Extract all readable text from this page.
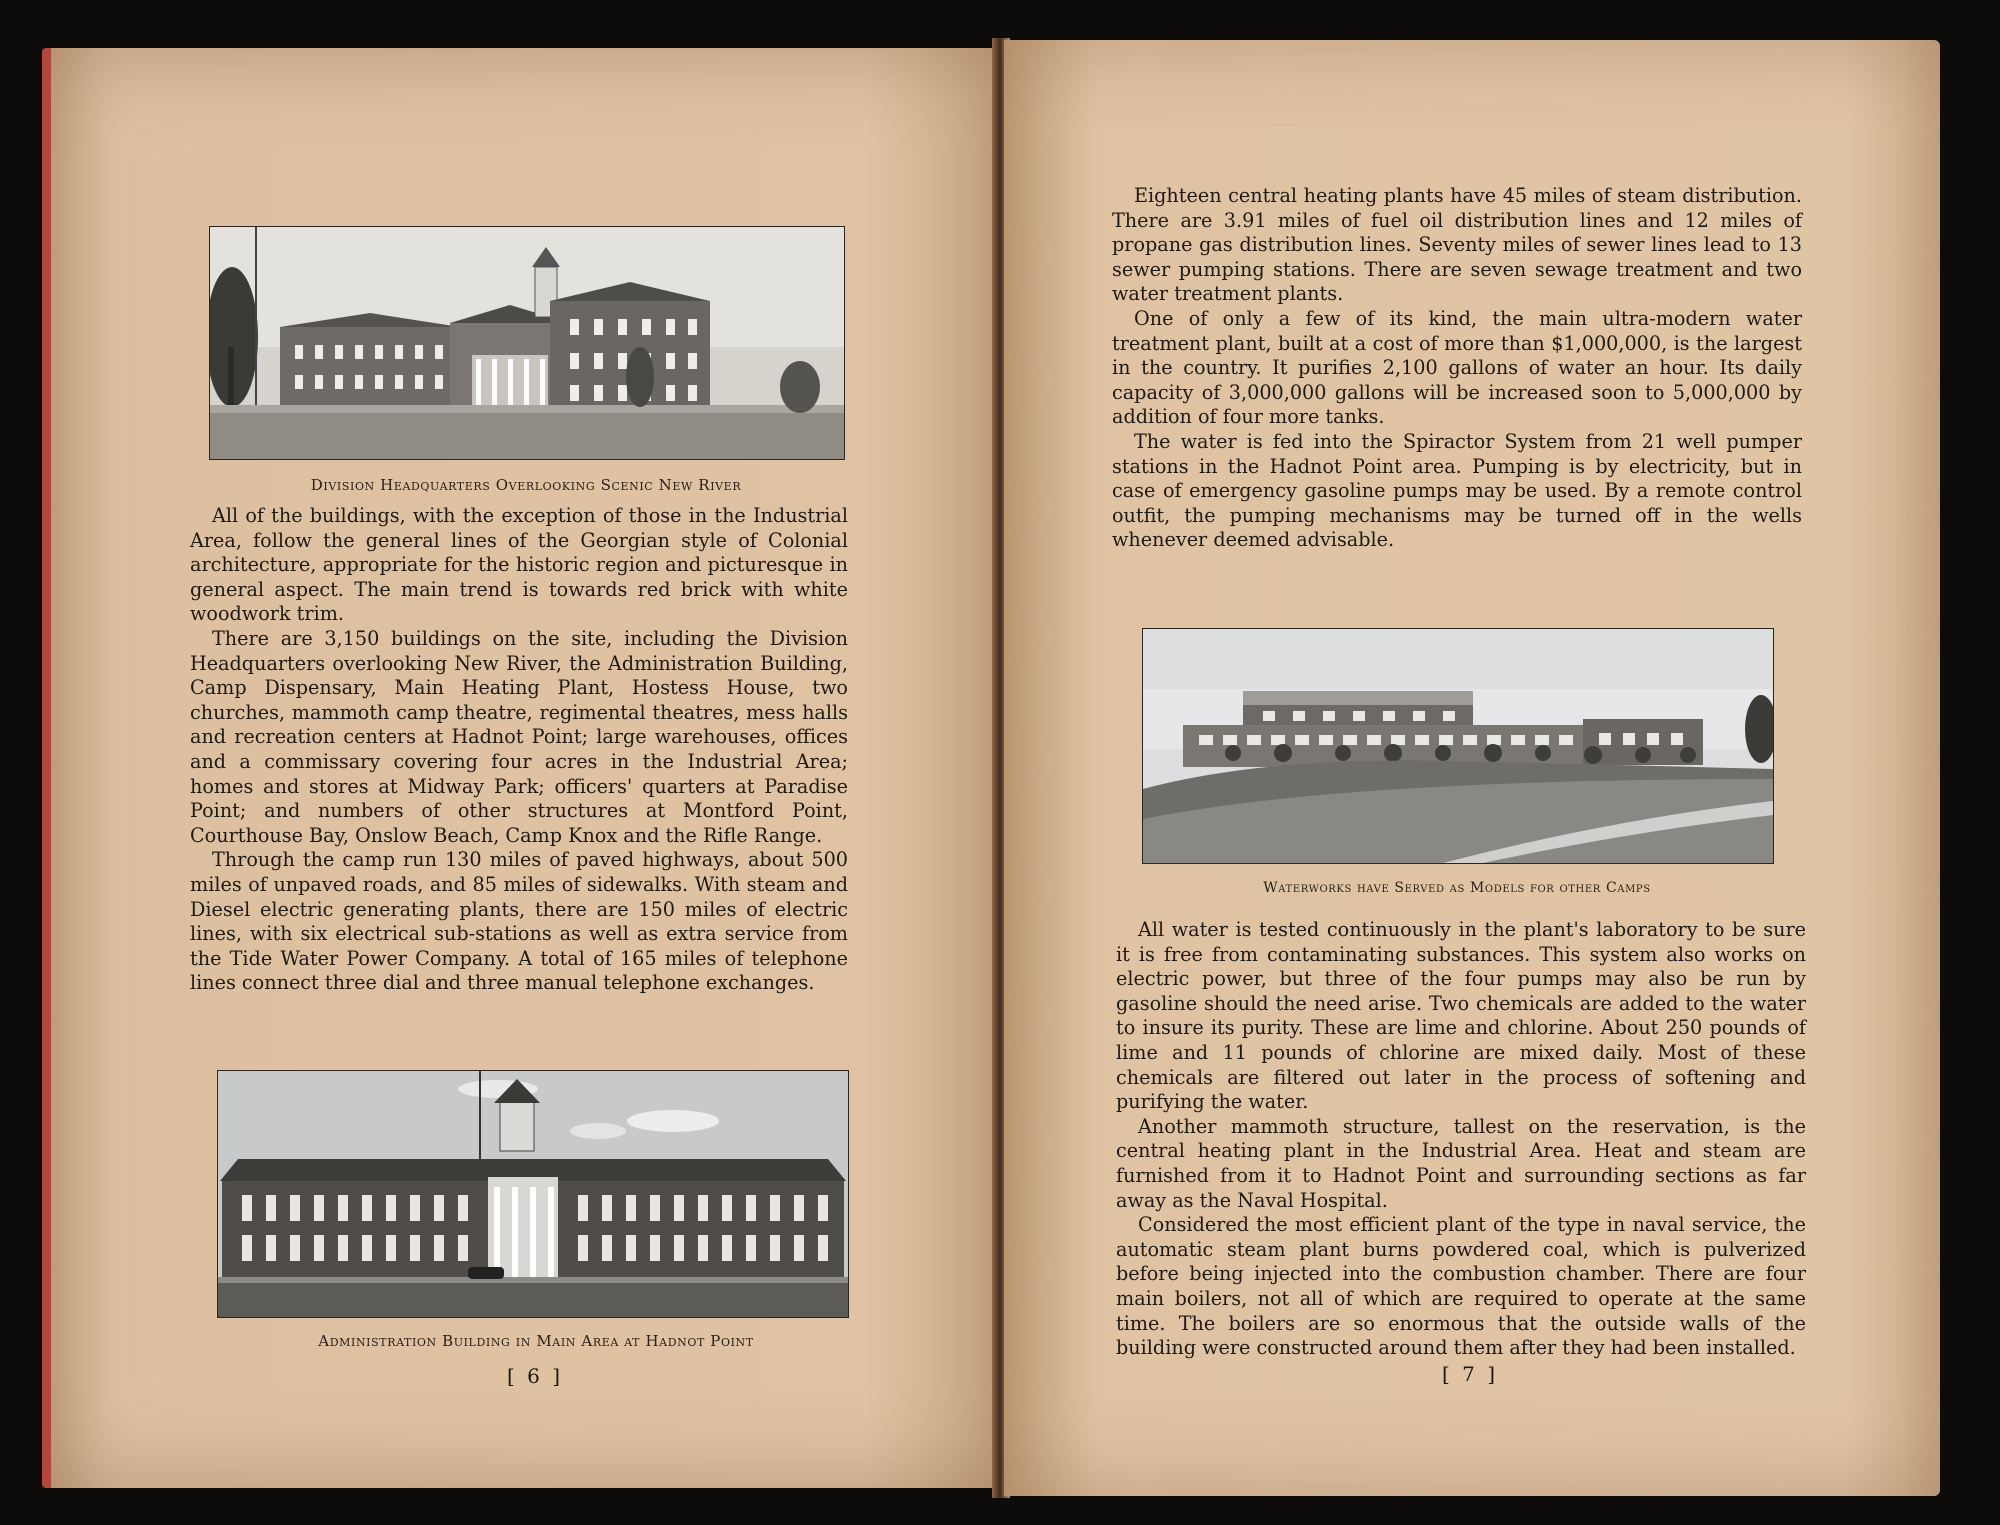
Division Headquarters Overlooking Scenic New River

All of the buildings, with the exception of those in the Industrial Area, follow the general lines of the Georgian style of Colonial architecture, appropriate for the historic region and picturesque in general aspect. The main trend is towards red brick with white woodwork trim.

There are 3,150 buildings on the site, including the Division Headquarters overlooking New River, the Administration Building, Camp Dispensary, Main Heating Plant, Hostess House, two churches, mammoth camp theatre, regimental theatres, mess halls and recreation centers at Hadnot Point; large warehouses, offices and a commissary covering four acres in the Industrial Area; homes and stores at Midway Park; officers' quarters at Paradise Point; and numbers of other structures at Montford Point, Courthouse Bay, Onslow Beach, Camp Knox and the Rifle Range.

Through the camp run 130 miles of paved highways, about 500 miles of unpaved roads, and 85 miles of sidewalks. With steam and Diesel electric generating plants, there are 150 miles of electric lines, with six electrical sub-stations as well as extra service from the Tide Water Power Company. A total of 165 miles of telephone lines connect three dial and three manual telephone exchanges.

Administration Building in Main Area at Hadnot Point
[ 6 ]

Eighteen central heating plants have 45 miles of steam distribution. There are 3.91 miles of fuel oil distribution lines and 12 miles of propane gas distribution lines. Seventy miles of sewer lines lead to 13 sewer pumping stations. There are seven sewage treatment and two water treatment plants.

One of only a few of its kind, the main ultra-modern water treatment plant, built at a cost of more than $1,000,000, is the largest in the country. It purifies 2,100 gallons of water an hour. Its daily capacity of 3,000,000 gallons will be increased soon to 5,000,000 by addition of four more tanks.

The water is fed into the Spiractor System from 21 well pumper stations in the Hadnot Point area. Pumping is by electricity, but in case of emergency gasoline pumps may be used. By a remote control outfit, the pumping mechanisms may be turned off in the wells whenever deemed advisable.

Waterworks have Served as Models for other Camps

All water is tested continuously in the plant's laboratory to be sure it is free from contaminating substances. This system also works on electric power, but three of the four pumps may also be run by gasoline should the need arise. Two chemicals are added to the water to insure its purity. These are lime and chlorine. About 250 pounds of lime and 11 pounds of chlorine are mixed daily. Most of these chemicals are filtered out later in the process of softening and purifying the water.

Another mammoth structure, tallest on the reservation, is the central heating plant in the Industrial Area. Heat and steam are furnished from it to Hadnot Point and surrounding sections as far away as the Naval Hospital.

Considered the most efficient plant of the type in naval service, the automatic steam plant burns powdered coal, which is pulverized before being injected into the combustion chamber. There are four main boilers, not all of which are required to operate at the same time. The boilers are so enormous that the outside walls of the building were constructed around them after they had been installed.

[ 7 ]
